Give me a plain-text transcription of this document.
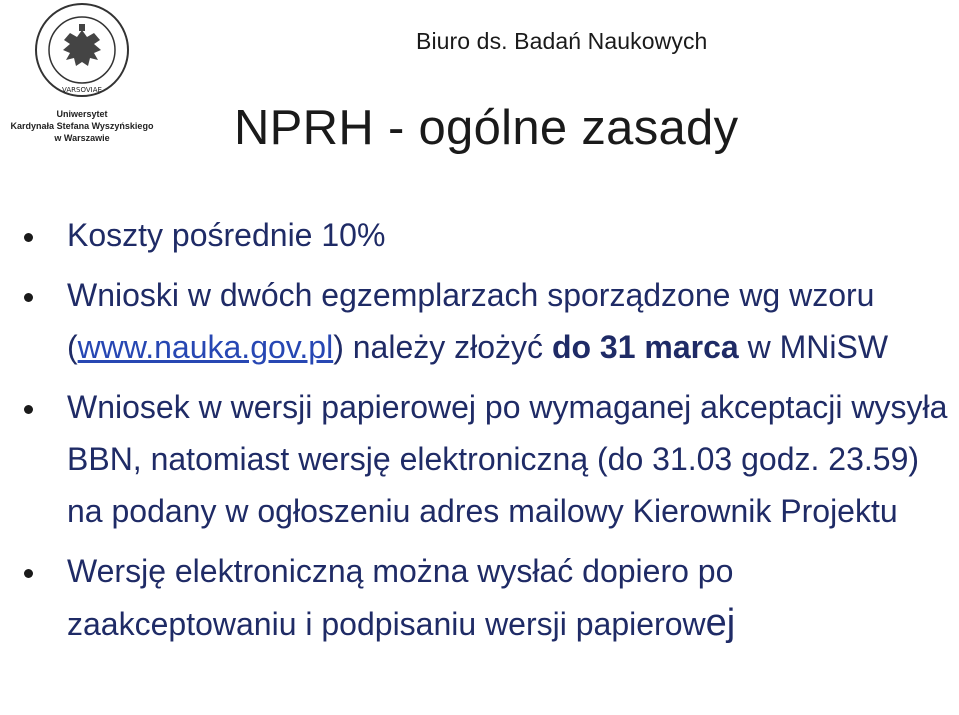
VARSOVIAE
Uniwersytet
Kardynała Stefana Wyszyńskiego
w Warszawie
Biuro ds. Badań Naukowych
NPRH - ogólne zasady
Koszty pośrednie 10%
Wnioski w dwóch egzemplarzach sporządzone wg wzoru (www.nauka.gov.pl) należy złożyć do 31 marca w MNiSW
Wniosek w wersji papierowej po wymaganej akceptacji wysyła BBN, natomiast wersję elektroniczną (do 31.03 godz. 23.59) na podany w ogłoszeniu adres mailowy Kierownik Projektu
Wersję elektroniczną można wysłać dopiero po zaakceptowaniu i podpisaniu wersji papierowej
